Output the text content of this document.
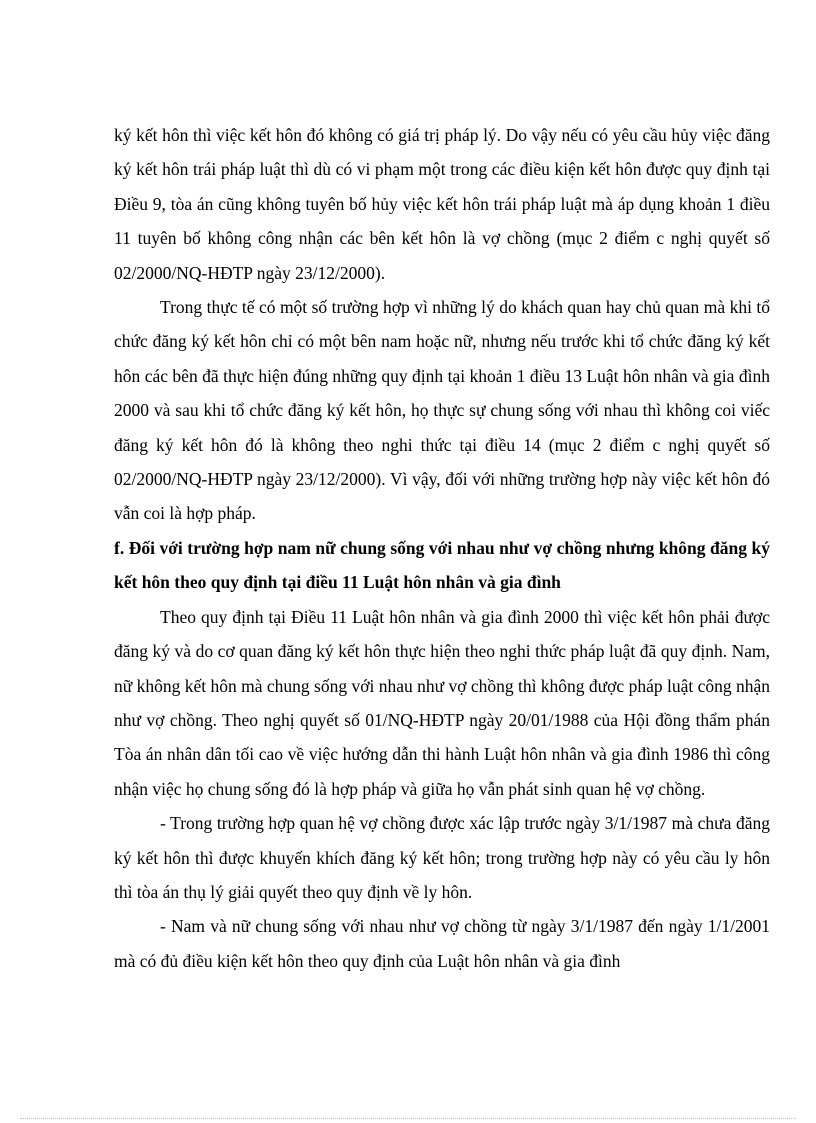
ký kết hôn thì việc kết hôn đó không có giá trị pháp lý. Do vậy nếu có yêu cầu hủy việc đăng ký kết hôn trái pháp luật thì dù có vi phạm một trong các điều kiện kết hôn được quy định tại Điều 9, tòa án cũng không tuyên bố hủy việc kết hôn trái pháp luật mà áp dụng khoản 1 điều 11 tuyên bố không công nhận các bên kết hôn là vợ chồng (mục 2 điểm c nghị quyết số 02/2000/NQ-HĐTP ngày 23/12/2000).

Trong thực tế có một số trường hợp vì những lý do khách quan hay chủ quan mà khi tổ chức đăng ký kết hôn chỉ có một bên nam hoặc nữ, nhưng nếu trước khi tổ chức đăng ký kết hôn các bên đã thực hiện đúng những quy định tại khoản 1 điều 13 Luật hôn nhân và gia đình 2000 và sau khi tổ chức đăng ký kết hôn, họ thực sự chung sống với nhau thì không coi viếc đăng ký kết hôn đó là không theo nghi thức tại điều 14 (mục 2 điểm c nghị quyết số 02/2000/NQ-HĐTP ngày 23/12/2000). Vì vậy, đối với những trường hợp này việc kết hôn đó vẫn coi là hợp pháp.

f. Đối với trường hợp nam nữ chung sống với nhau như vợ chồng nhưng không đăng ký kết hôn theo quy định tại điều 11 Luật hôn nhân và gia đình

Theo quy định tại Điều 11 Luật hôn nhân và gia đình 2000 thì việc kết hôn phải được đăng ký và do cơ quan đăng ký kết hôn thực hiện theo nghi thức pháp luật đã quy định. Nam, nữ không kết hôn mà chung sống với nhau như vợ chồng thì không được pháp luật công nhận như vợ chồng. Theo nghị quyết số 01/NQ-HĐTP ngày 20/01/1988 của Hội đồng thẩm phán Tòa án nhân dân tối cao về việc hướng dẫn thi hành Luật hôn nhân và gia đình 1986 thì công nhận việc họ chung sống đó là hợp pháp và giữa họ vẫn phát sinh quan hệ vợ chồng.

- Trong trường hợp quan hệ vợ chồng được xác lập trước ngày 3/1/1987 mà chưa đăng ký kết hôn thì được khuyến khích đăng ký kết hôn; trong trường hợp này có yêu cầu ly hôn thì tòa án thụ lý giải quyết theo quy định về ly hôn.

- Nam và nữ chung sống với nhau như vợ chồng từ ngày 3/1/1987 đến ngày 1/1/2001 mà có đủ điều kiện kết hôn theo quy định của Luật hôn nhân và gia đình
